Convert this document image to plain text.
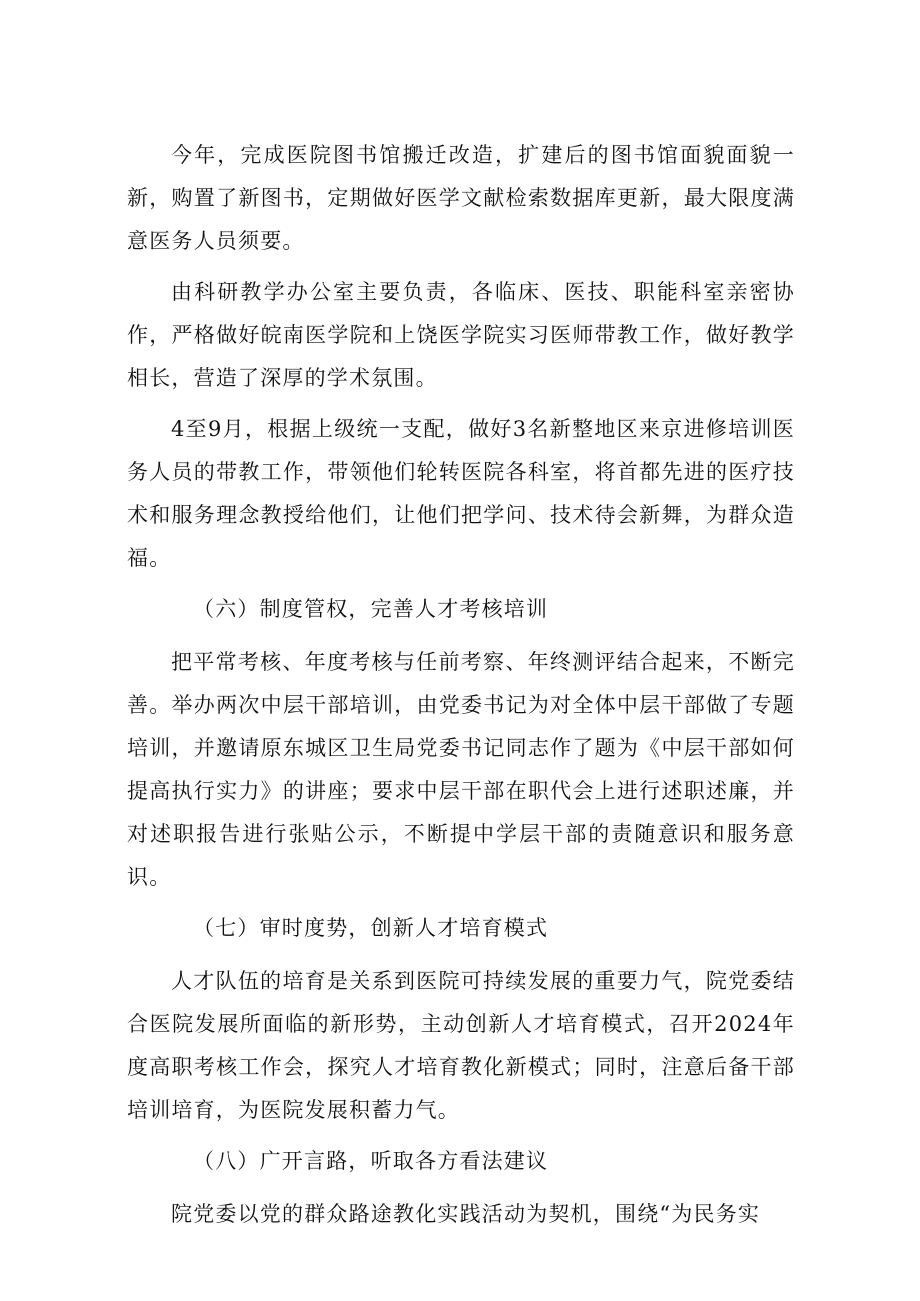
今年，完成医院图书馆搬迁改造，扩建后的图书馆面貌面貌一新，购置了新图书，定期做好医学文献检索数据库更新，最大限度满意医务人员须要。

由科研教学办公室主要负责，各临床、医技、职能科室亲密协作，严格做好皖南医学院和上饶医学院实习医师带教工作，做好教学相长，营造了深厚的学术氛围。

4至9月，根据上级统一支配，做好3名新整地区来京进修培训医务人员的带教工作，带领他们轮转医院各科室，将首都先进的医疗技术和服务理念教授给他们，让他们把学问、技术待会新舞，为群众造福。

（六）制度管权，完善人才考核培训

把平常考核、年度考核与任前考察、年终测评结合起来，不断完善。举办两次中层干部培训，由党委书记为对全体中层干部做了专题培训，并邀请原东城区卫生局党委书记同志作了题为《中层干部如何提高执行实力》的讲座；要求中层干部在职代会上进行述职述廉，并对述职报告进行张贴公示，不断提中学层干部的责随意识和服务意识。

（七）审时度势，创新人才培育模式

人才队伍的培育是关系到医院可持续发展的重要力气，院党委结合医院发展所面临的新形势，主动创新人才培育模式，召开2024年度高职考核工作会，探究人才培育教化新模式；同时，注意后备干部培训培育，为医院发展积蓄力气。

（八）广开言路，听取各方看法建议

院党委以党的群众路途教化实践活动为契机，围绕“为民务实
